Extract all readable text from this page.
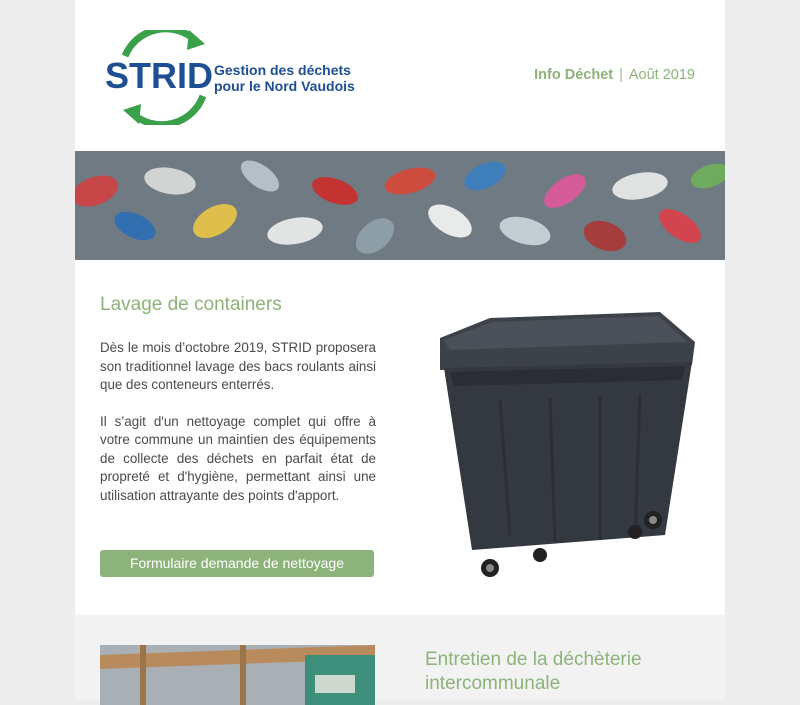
STRID Gestion des déchets
pour le Nord Vaudois
Info Déchet | Août 2019
Lavage de containers

Dès le mois d’octobre 2019, STRID proposera son traditionnel lavage des bacs roulants ainsi que des conteneurs enterrés.

Il s’agit d'un nettoyage complet qui offre à votre commune un maintien des équipements de collecte des déchets en parfait état de propreté et d'hygiène, permettant ainsi une utilisation attrayante des points d'apport.

Formulaire demande de nettoyage
Entretien de la déchèterie
intercommunale
